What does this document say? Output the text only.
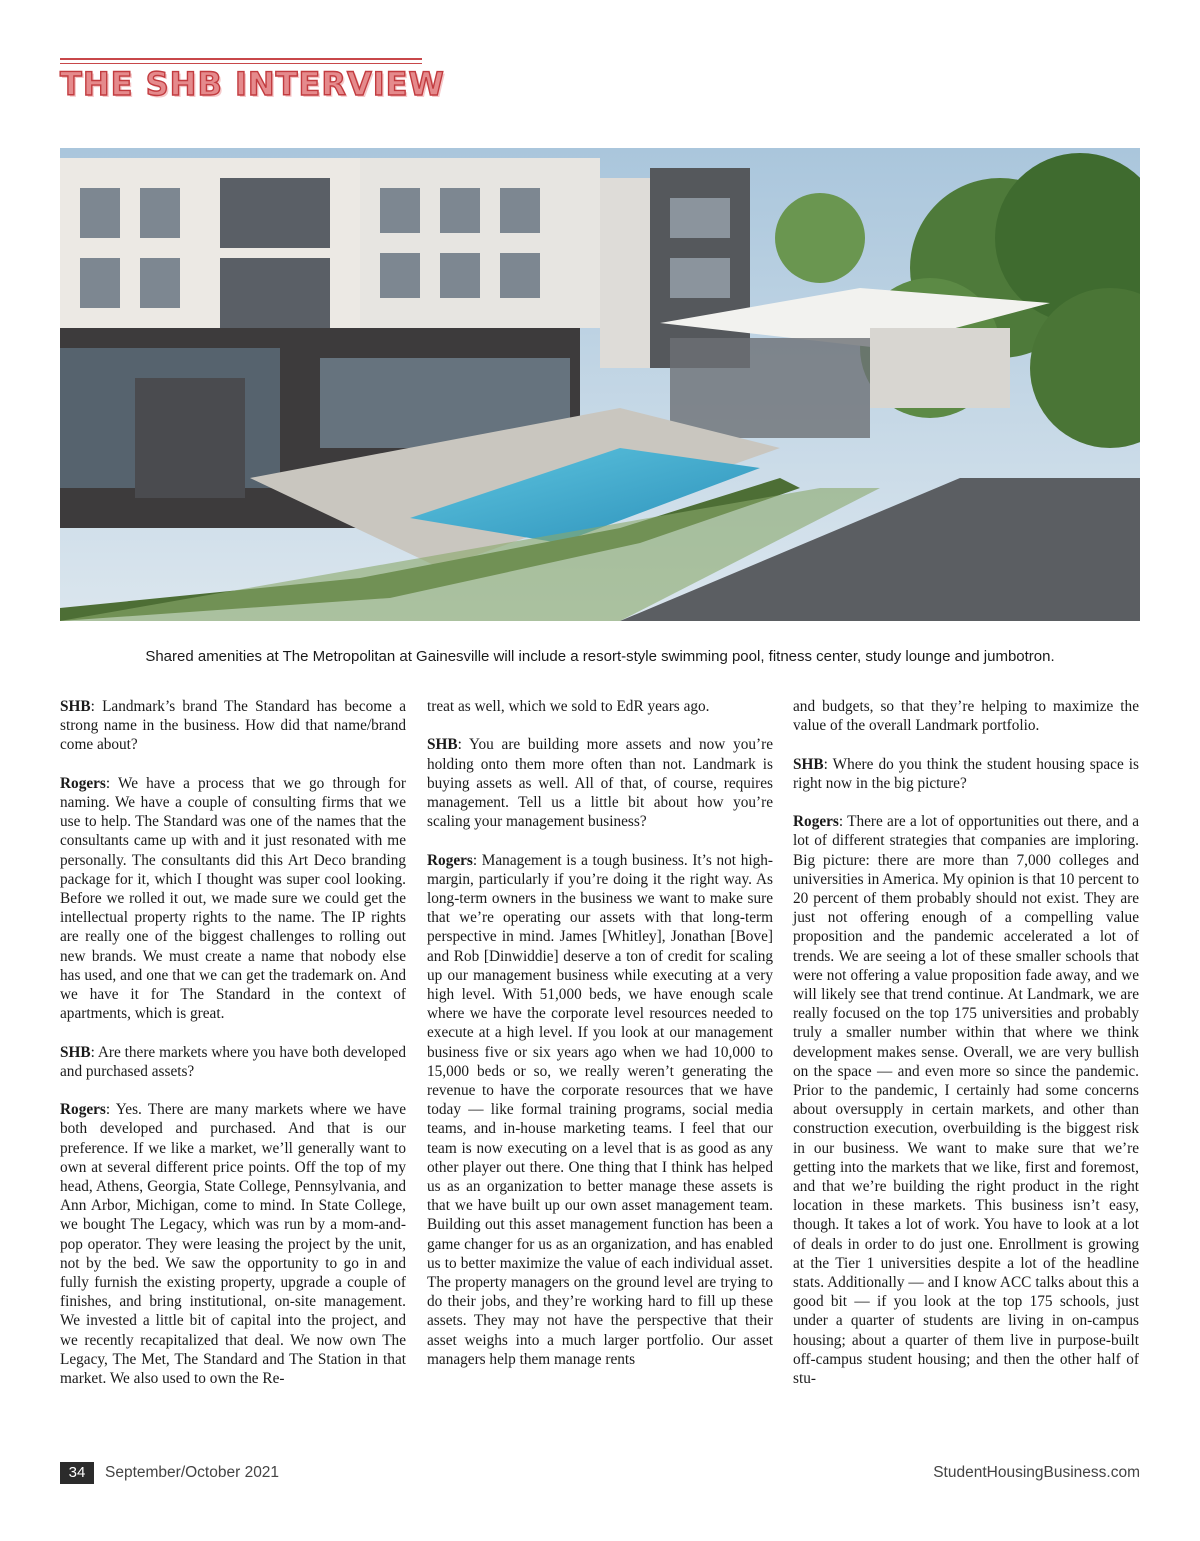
THE SHB INTERVIEW
Shared amenities at The Metropolitan at Gainesville will include a resort-style swimming pool, fitness center, study lounge and jumbotron.

SHB: Landmark’s brand The Standard has become a strong name in the business. How did that name/brand come about?

Rogers: We have a process that we go through for naming. We have a couple of consulting firms that we use to help. The Standard was one of the names that the consultants came up with and it just resonated with me personally. The consultants did this Art Deco branding package for it, which I thought was super cool looking. Before we rolled it out, we made sure we could get the intellectual property rights to the name. The IP rights are really one of the biggest challenges to rolling out new brands. We must create a name that nobody else has used, and one that we can get the trademark on. And we have it for The Standard in the context of apartments, which is great.

SHB: Are there markets where you have both developed and purchased assets?

Rogers: Yes. There are many markets where we have both developed and purchased. And that is our preference. If we like a market, we’ll generally want to own at several different price points. Off the top of my head, Athens, Georgia, State College, Pennsylvania, and Ann Arbor, Michigan, come to mind. In State College, we bought The Legacy, which was run by a mom-and-pop operator. They were leasing the project by the unit, not by the bed. We saw the opportunity to go in and fully furnish the existing property, upgrade a couple of finishes, and bring institutional, on-site management. We invested a little bit of capital into the project, and we recently recapitalized that deal. We now own The Legacy, The Met, The Standard and The Station in that market. We also used to own the Re-

treat as well, which we sold to EdR years ago.

SHB: You are building more assets and now you’re holding onto them more often than not. Landmark is buying assets as well. All of that, of course, requires management. Tell us a little bit about how you’re scaling your management business?

Rogers: Management is a tough business. It’s not high-margin, particularly if you’re doing it the right way. As long-term owners in the business we want to make sure that we’re operating our assets with that long-term perspective in mind. James [Whitley], Jonathan [Bove] and Rob [Dinwiddie] deserve a ton of credit for scaling up our management business while executing at a very high level. With 51,000 beds, we have enough scale where we have the corporate level resources needed to execute at a high level. If you look at our management business five or six years ago when we had 10,000 to 15,000 beds or so, we really weren’t generating the revenue to have the corporate resources that we have today — like formal training programs, social media teams, and in-house marketing teams. I feel that our team is now executing on a level that is as good as any other player out there. One thing that I think has helped us as an organization to better manage these assets is that we have built up our own asset management team. Building out this asset management function has been a game changer for us as an organization, and has enabled us to better maximize the value of each individual asset. The property managers on the ground level are trying to do their jobs, and they’re working hard to fill up these assets. They may not have the perspective that their asset weighs into a much larger portfolio. Our asset managers help them manage rents

and budgets, so that they’re helping to maximize the value of the overall Landmark portfolio.

SHB: Where do you think the student housing space is right now in the big picture?

Rogers: There are a lot of opportunities out there, and a lot of different strategies that companies are imploring. Big picture: there are more than 7,000 colleges and universities in America. My opinion is that 10 percent to 20 percent of them probably should not exist. They are just not offering enough of a compelling value proposition and the pandemic accelerated a lot of trends. We are seeing a lot of these smaller schools that were not offering a value proposition fade away, and we will likely see that trend continue. At Landmark, we are really focused on the top 175 universities and probably truly a smaller number within that where we think development makes sense. Overall, we are very bullish on the space — and even more so since the pandemic. Prior to the pandemic, I certainly had some concerns about oversupply in certain markets, and other than construction execution, overbuilding is the biggest risk in our business. We want to make sure that we’re getting into the markets that we like, first and foremost, and that we’re building the right product in the right location in these markets. This business isn’t easy, though. It takes a lot of work. You have to look at a lot of deals in order to do just one. Enrollment is growing at the Tier 1 universities despite a lot of the headline stats. Additionally — and I know ACC talks about this a good bit — if you look at the top 175 schools, just under a quarter of students are living in on-campus housing; about a quarter of them live in purpose-built off-campus student housing; and then the other half of stu-

34	September/October 2021	StudentHousingBusiness.com
